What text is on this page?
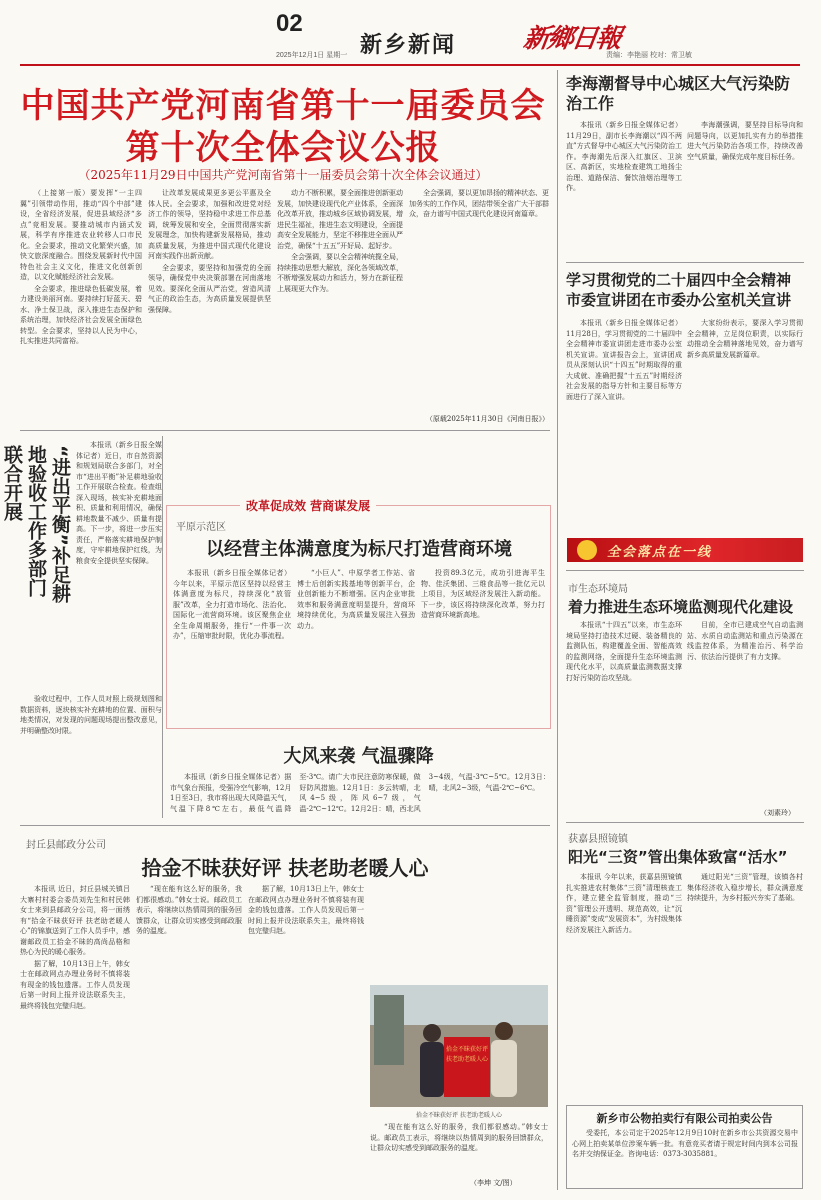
02
2025年12月1日 星期一 新乡新闻	新鄉日報
责编：李艳丽 校对：常卫敏
中国共产党河南省第十一届委员会
第十次全体会议公报
（2025年11月29日中国共产党河南省第十一届委员会第十次全体会议通过）

（上接第一版）要发挥“一主四翼”引领带动作用，推动“四个中部”建设，全省经济发展，促进县域经济“多点”竞相发展。要推动城市内涵式发展，科学有序推进农业转移人口市民化。全会要求，推动文化繁荣兴盛，加快文旅深度融合。围绕发展新时代中国特色社会主义文化，推进文化创新创造，以文化赋能经济社会发展。

全会要求，推进绿色低碳发展，着力建设美丽河南。要持续打好蓝天、碧水、净土保卫战，深入推进生态保护和系统治理，加快经济社会发展全面绿色转型。全会要求，坚持以人民为中心，扎实推进共同富裕。

让改革发展成果更多更公平惠及全体人民。全会要求，加强和改进党对经济工作的领导，坚持稳中求进工作总基调，统筹发展和安全，全面贯彻落实新发展理念，加快构建新发展格局，推动高质量发展，为推进中国式现代化建设河南实践作出新贡献。

全会要求，要坚持和加强党的全面领导，确保党中央决策部署在河南落地见效。要深化全面从严治党，营造风清气正的政治生态，为高质量发展提供坚强保障。

动力不断积累，要全面推进创新驱动发展，加快建设现代化产业体系，全面深化改革开放，推动城乡区域协调发展，增进民生福祉，推进生态文明建设，全面提高安全发展能力，坚定不移推进全面从严治党，确保“十五五”开好局、起好步。

全会强调，要以全会精神统揽全局，持续推动思想大解放，深化各领域改革，不断增强发展动力和活力，努力在新征程上展现更大作为。

全会强调，要以更加昂扬的精神状态、更加务实的工作作风，团结带领全省广大干部群众，奋力谱写中国式现代化建设河南篇章。

（原载2025年11月30日《河南日报》）
“进出平衡”补足耕地验收工作多部门联合开展	本报讯（新乡日报全媒体记者）近日，市自然资源和规划局联合多部门，对全市“进出平衡”补足耕地验收工作开展联合检查。检查组深入现场，核实补充耕地面积、质量和利用情况，确保耕地数量不减少、质量有提高。下一步，将进一步压实责任，严格落实耕地保护制度，守牢耕地保护红线，为粮食安全提供坚实保障。

验收过程中，工作人员对照上级规划图和数据资料，逐块核实补充耕地的位置、面积与地类情况，对发现的问题现场提出整改意见，并明确整改时限。

改革促成效 营商谋发展
平原示范区
以经营主体满意度为标尺打造营商环境

本报讯（新乡日报全媒体记者）今年以来，平原示范区坚持以经营主体满意度为标尺，持续深化“放管服”改革，全力打造市场化、法治化、国际化一流营商环境。该区聚焦企业全生命周期服务，推行“一件事一次办”，压缩审批时限，优化办事流程。

“小巨人”、中原学者工作站、省博士后创新实践基地等创新平台，企业创新能力不断增强。区内企业审批效率和服务满意度明显提升，营商环境持续优化，为高质量发展注入强劲动力。

投资89.3亿元，成功引进海平生物、佳沃集团、三维食品等一批亿元以上项目，为区域经济发展注入新动能。下一步，该区将持续深化改革，努力打造营商环境新高地。

大风来袭 气温骤降

本报讯（新乡日报全媒体记者）据市气象台预报，受强冷空气影响，12月1日至3日，我市将出现大风降温天气，气温下降8℃左右，最低气温降至-3℃。请广大市民注意防寒保暖，做好防风措施。12月1日：多云转晴，北风4~5级，阵风6~7级，气温-2℃~12℃。12月2日：晴，西北风3~4级，气温-3℃~5℃。12月3日：晴，北风2~3级，气温-2℃~6℃。

封丘县邮政分公司
拾金不昧获好评 扶老助老暖人心

本报讯 近日，封丘县城关镇吕大寨村村委会委员刘先生和村民韩女士来到县邮政分公司，将一面绣有“拾金不昧获好评 扶老助老暖人心”的锦旗送到了工作人员手中，感谢邮政员工拾金不昧的高尚品格和热心为民的暖心服务。

据了解，10月13日上午，韩女士在邮政网点办理业务时不慎将装有现金的钱包遗落。工作人员发现后第一时间上报并设法联系失主，最终将钱包完璧归赵。

“现在能有这么好的服务，我们都很感动。”韩女士说。邮政员工表示，将继续以热情周到的服务回馈群众，让群众切实感受到邮政服务的温度。

据了解，10月13日上午，韩女士在邮政网点办理业务时不慎将装有现金的钱包遗落。工作人员发现后第一时间上报并设法联系失主，最终将钱包完璧归赵。

拾金不昧获好评
扶老助老暖人心
拾金不昧获好评 扶老助老暖人心

“现在能有这么好的服务，我们都很感动。”韩女士说。邮政员工表示，将继续以热情周到的服务回馈群众，让群众切实感受到邮政服务的温度。

（李坤 文/图）
李海潮督导中心城区大气污染防治工作

本报讯（新乡日报全媒体记者）11月29日，副市长李海潮以“四不两直”方式督导中心城区大气污染防治工作。李海潮先后深入红旗区、卫滨区、高新区，实地检查建筑工地扬尘治理、道路保洁、餐饮油烟治理等工作。

李海潮强调，要坚持目标导向和问题导向，以更加扎实有力的举措推进大气污染防治各项工作，持续改善空气质量，确保完成年度目标任务。

学习贯彻党的二十届四中全会精神市委宣讲团在市委办公室机关宣讲

本报讯（新乡日报全媒体记者）11月28日，学习贯彻党的二十届四中全会精神市委宣讲团走进市委办公室机关宣讲。宣讲报告会上，宣讲团成员从深刻认识“十四五”时期取得的重大成就、准确把握“十五五”时期经济社会发展的指导方针和主要目标等方面进行了深入宣讲。

大家纷纷表示，要深入学习贯彻全会精神，立足岗位职责，以实际行动推动全会精神落地见效，奋力谱写新乡高质量发展新篇章。

全会落点在一线
市生态环境局
着力推进生态环境监测现代化建设

本报讯“十四五”以来，市生态环境局坚持打造技术过硬、装备精良的监测队伍，构建覆盖全面、智能高效的监测网络，全面提升生态环境监测现代化水平，以高质量监测数据支撑打好污染防治攻坚战。

目前，全市已建成空气自动监测站、水质自动监测站和重点污染源在线监控体系，为精准治污、科学治污、依法治污提供了有力支撑。

（刘素玲）
获嘉县照镜镇
阳光“三资”管出集体致富“活水”

本报讯 今年以来，获嘉县照镜镇扎实推进农村集体“三资”清理核查工作，建立健全监管制度，推动“三资”管理公开透明、规范高效，让“沉睡资源”变成“发展资本”，为村级集体经济发展注入新活力。

通过阳光“三资”管理，该镇各村集体经济收入稳步增长，群众满意度持续提升，为乡村振兴夯实了基础。

新乡市公物拍卖行有限公司拍卖公告

受委托，本公司定于2025年12月9日10时在新乡市公共资源交易中心网上拍卖某单位涉案车辆一批。有意竞买者请于规定时间内到本公司报名并交纳保证金。咨询电话：0373-3035881。
